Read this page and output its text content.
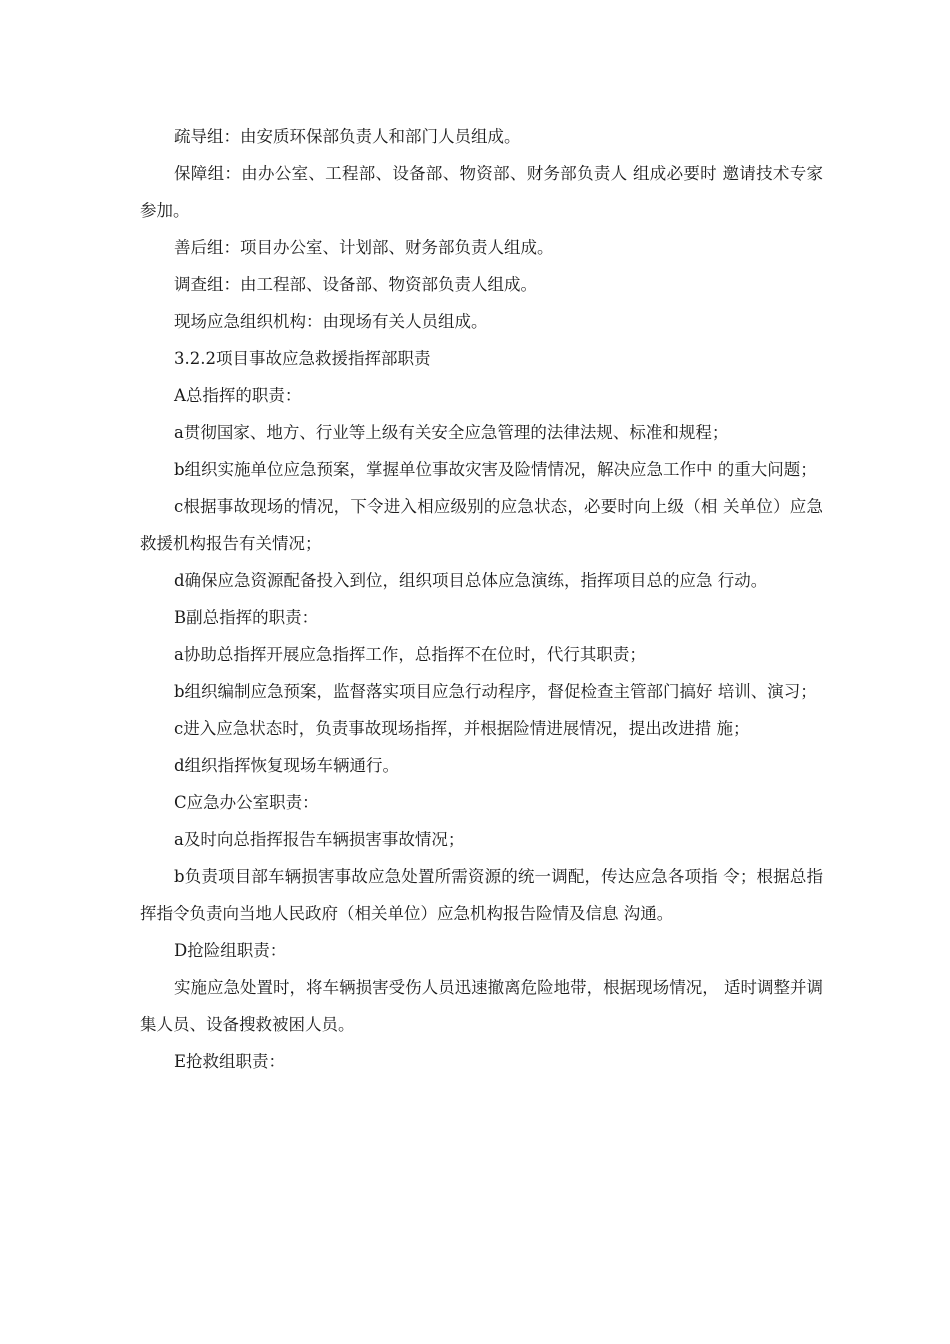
疏导组：由安质环保部负责人和部门人员组成。

保障组：由办公室、工程部、设备部、物资部、财务部负责人 组成必要时 邀请技术专家参加。

善后组：项目办公室、计划部、财务部负责人组成。

调查组：由工程部、设备部、物资部负责人组成。

现场应急组织机构：由现场有关人员组成。

3.2.2项目事故应急救援指挥部职责

A总指挥的职责：

a贯彻国家、地方、行业等上级有关安全应急管理的法律法规、标准和规程；

b组织实施单位应急预案，掌握单位事故灾害及险情情况，解决应急工作中 的重大问题；

c根据事故现场的情况，下令进入相应级别的应急状态，必要时向上级（相 关单位）应急救援机构报告有关情况；

d确保应急资源配备投入到位，组织项目总体应急演练，指挥项目总的应急 行动。

B副总指挥的职责：

a协助总指挥开展应急指挥工作，总指挥不在位时，代行其职责；

b组织编制应急预案，监督落实项目应急行动程序，督促检查主管部门搞好 培训、演习；

c进入应急状态时，负责事故现场指挥，并根据险情进展情况，提出改进措 施；

d组织指挥恢复现场车辆通行。

C应急办公室职责：

a及时向总指挥报告车辆损害事故情况；

b负责项目部车辆损害事故应急处置所需资源的统一调配，传达应急各项指 令；根据总指挥指令负责向当地人民政府（相关单位）应急机构报告险情及信息 沟通。

D抢险组职责：

实施应急处置时，将车辆损害受伤人员迅速撤离危险地带，根据现场情况， 适时调整并调集人员、设备搜救被困人员。

E抢救组职责：
